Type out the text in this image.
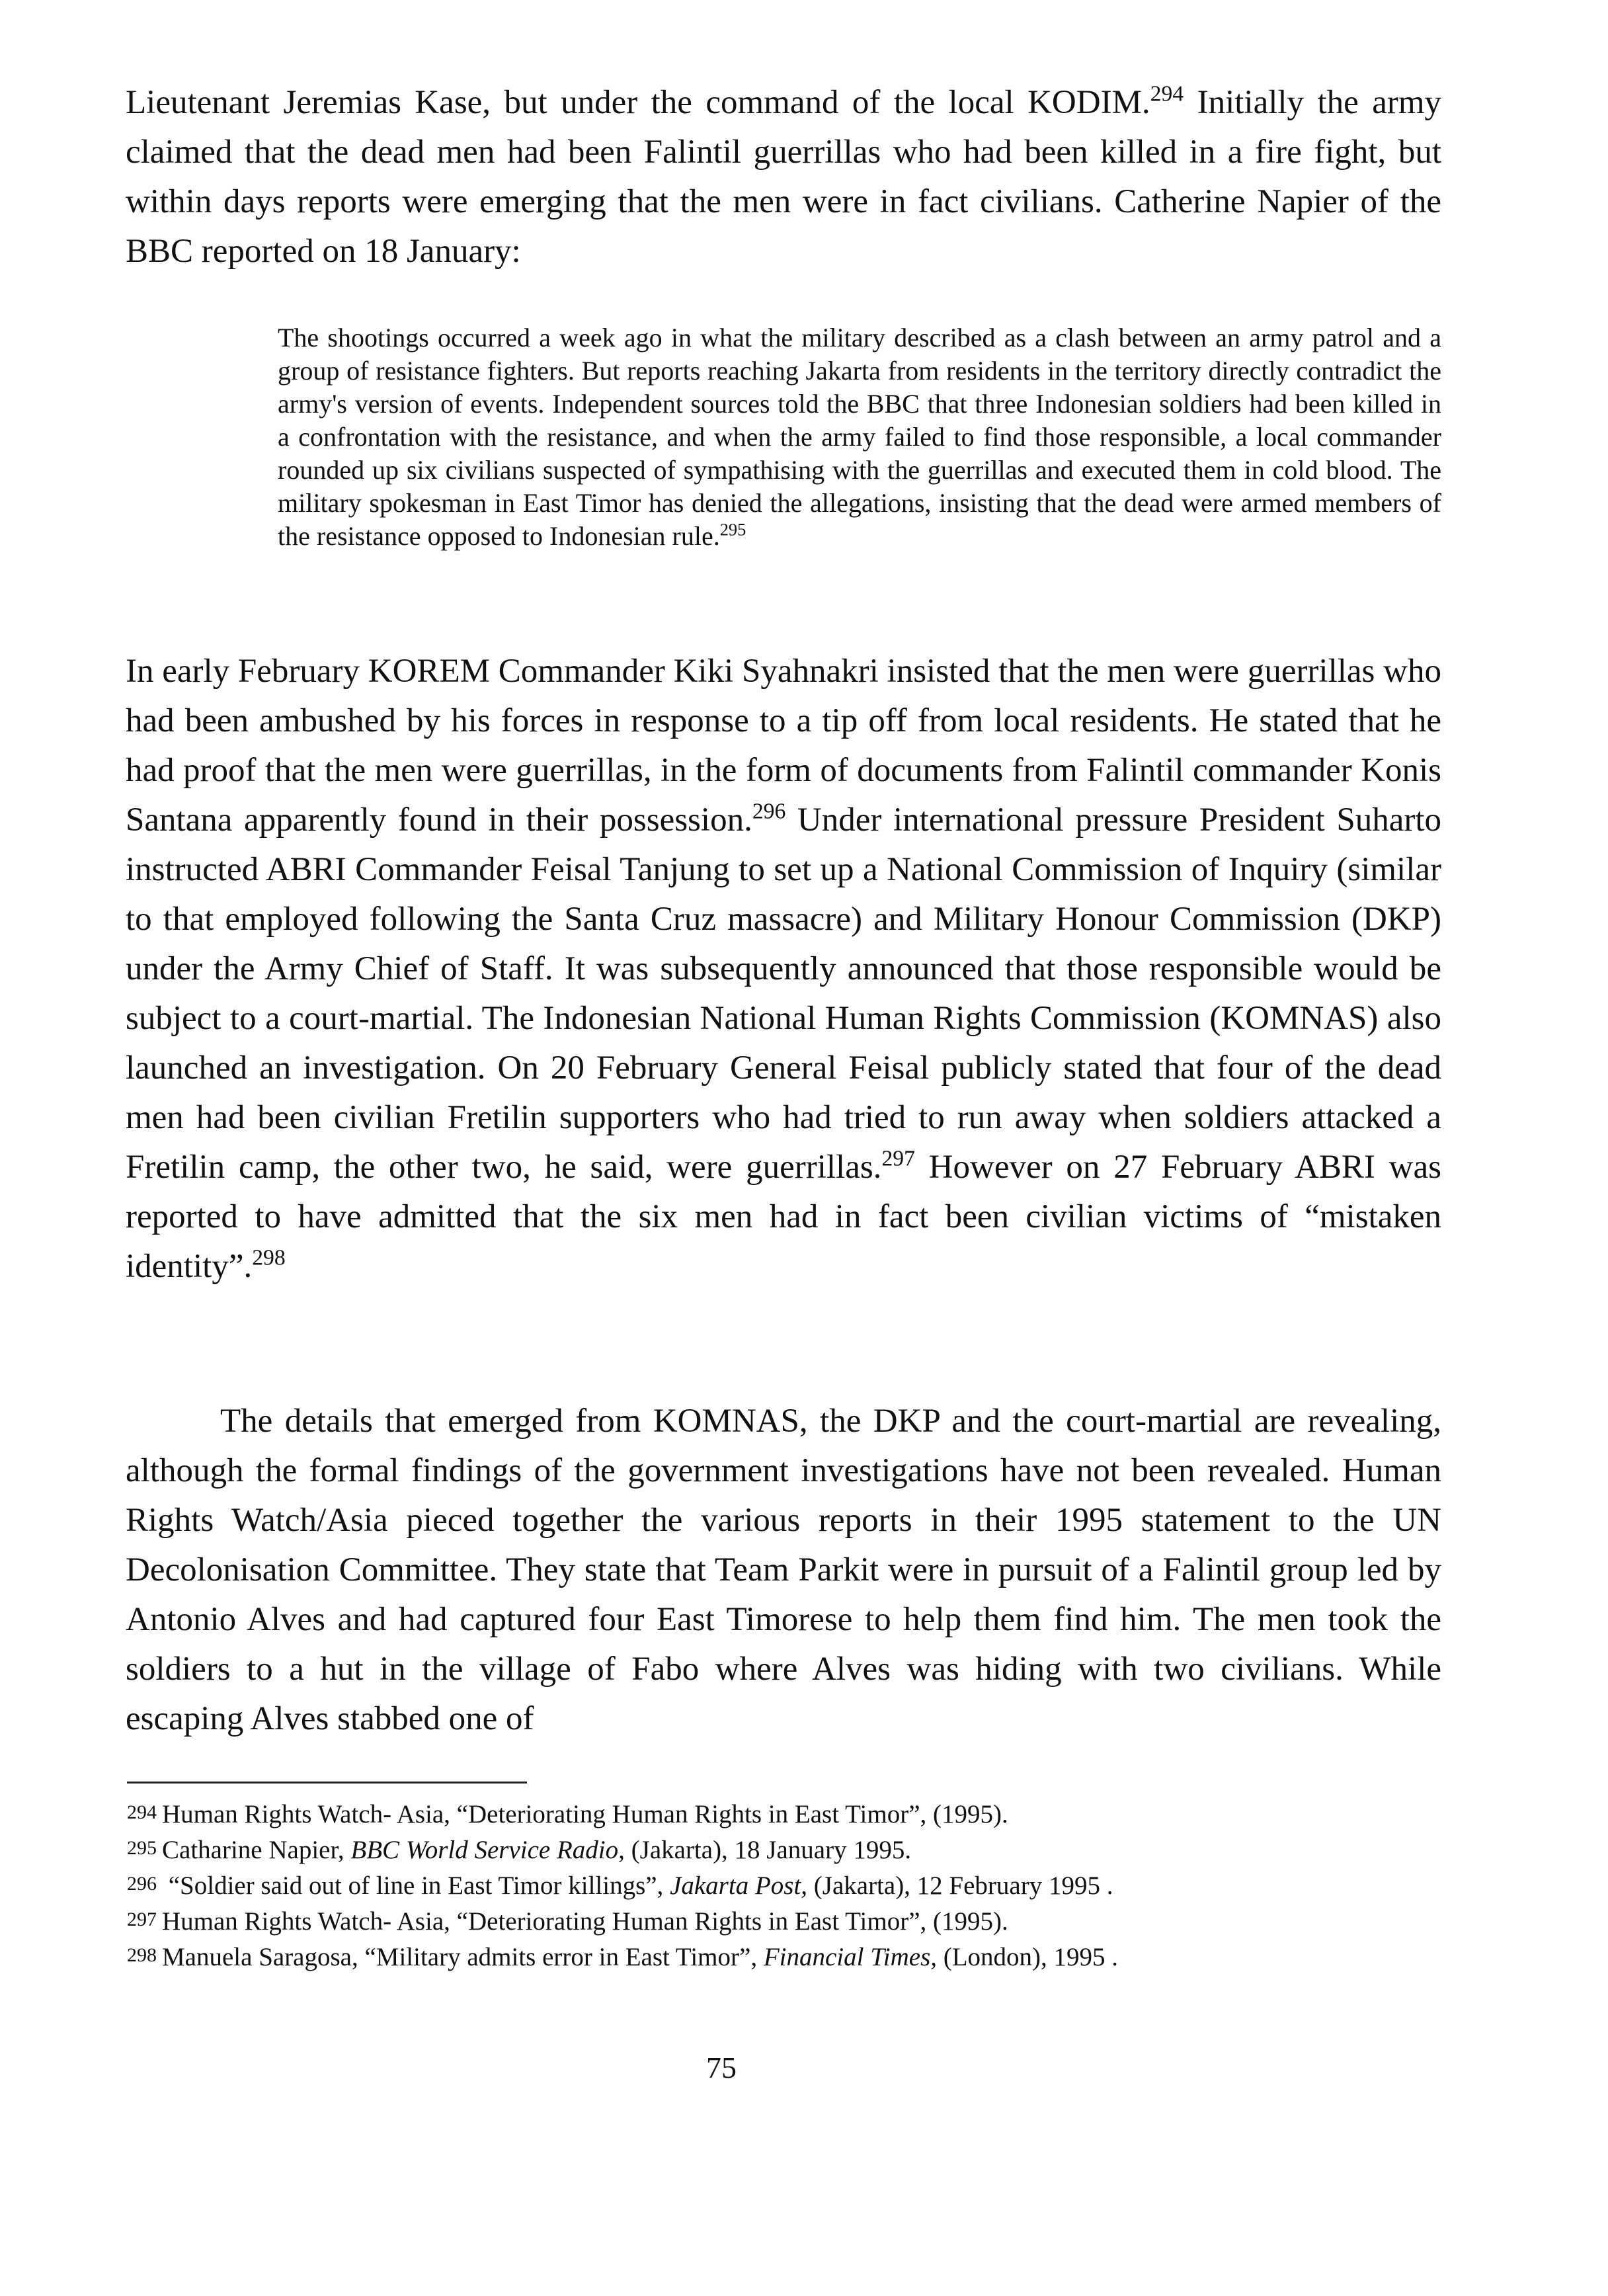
Lieutenant Jeremias Kase, but under the command of the local KODIM.$^{294}$ Initially the army claimed that the dead men had been Falintil guerrillas who had been killed in a fire fight, but within days reports were emerging that the men were in fact civilians. Catherine Napier of the BBC reported on 18 January:

The shootings occurred a week ago in what the military described as a clash between an army patrol and a group of resistance fighters. But reports reaching Jakarta from residents in the territory directly contradict the army's version of events. Independent sources told the BBC that three Indonesian soldiers had been killed in a confrontation with the resistance, and when the army failed to find those responsible, a local commander rounded up six civilians suspected of sympathising with the guerrillas and executed them in cold blood. The military spokesman in East Timor has denied the allegations, insisting that the dead were armed members of the resistance opposed to Indonesian rule.$^{295}$

In early February KOREM Commander Kiki Syahnakri insisted that the men were guerrillas who had been ambushed by his forces in response to a tip off from local residents. He stated that he had proof that the men were guerrillas, in the form of documents from Falintil commander Konis Santana apparently found in their possession.$^{296}$ Under international pressure President Suharto instructed ABRI Commander Feisal Tanjung to set up a National Commission of Inquiry (similar to that employed following the Santa Cruz massacre) and Military Honour Commission (DKP) under the Army Chief of Staff. It was subsequently announced that those responsible would be subject to a court-martial. The Indonesian National Human Rights Commission (KOMNAS) also launched an investigation. On 20 February General Feisal publicly stated that four of the dead men had been civilian Fretilin supporters who had tried to run away when soldiers attacked a Fretilin camp, the other two, he said, were guerrillas.$^{297}$ However on 27 February ABRI was reported to have admitted that the six men had in fact been civilian victims of “mistaken identity”.$^{298}$

The details that emerged from KOMNAS, the DKP and the court-martial are revealing, although the formal findings of the government investigations have not been revealed. Human Rights Watch/Asia pieced together the various reports in their 1995 statement to the UN Decolonisation Committee. They state that Team Parkit were in pursuit of a Falintil group led by Antonio Alves and had captured four East Timorese to help them find him. The men took the soldiers to a hut in the village of Fabo where Alves was hiding with two civilians. While escaping Alves stabbed one of

294 Human Rights Watch- Asia, “Deteriorating Human Rights in East Timor”, (1995).

295 Catharine Napier, BBC World Service Radio, (Jakarta), 18 January 1995.

296 “Soldier said out of line in East Timor killings”, Jakarta Post, (Jakarta), 12 February 1995 .

297 Human Rights Watch- Asia, “Deteriorating Human Rights in East Timor”, (1995).

298 Manuela Saragosa, “Military admits error in East Timor”, Financial Times, (London), 1995 .

75
